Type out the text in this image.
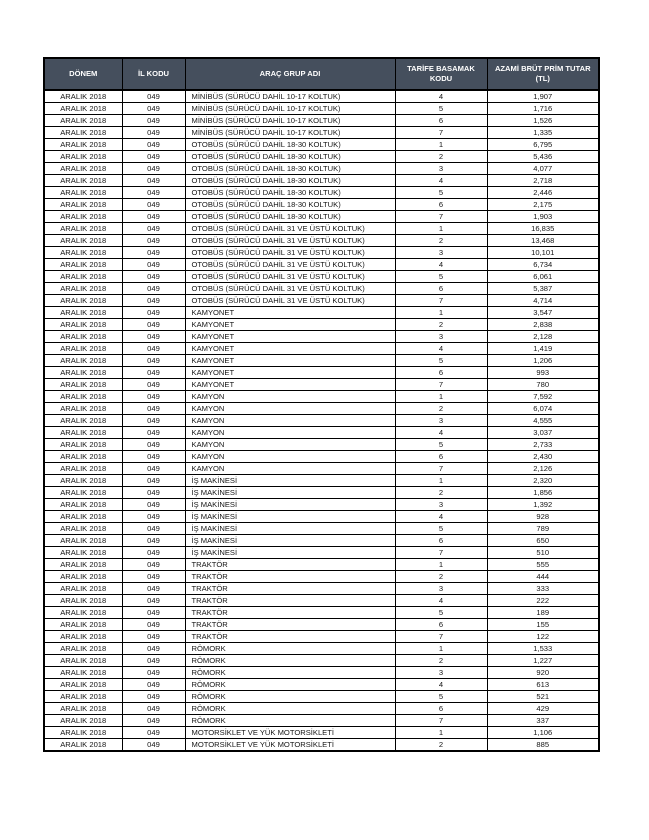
DÖNEM	İL KODU	ARAÇ GRUP ADI	TARİFE BASAMAK KODU	AZAMİ BRÜT PRİM TUTAR (TL)
ARALIK 2018	049	MİNİBÜS (SÜRÜCÜ DAHİL 10-17 KOLTUK)	4	1,907
ARALIK 2018	049	MİNİBÜS (SÜRÜCÜ DAHİL 10-17 KOLTUK)	5	1,716
ARALIK 2018	049	MİNİBÜS (SÜRÜCÜ DAHİL 10-17 KOLTUK)	6	1,526
ARALIK 2018	049	MİNİBÜS (SÜRÜCÜ DAHİL 10-17 KOLTUK)	7	1,335
ARALIK 2018	049	OTOBÜS (SÜRÜCÜ DAHİL 18-30 KOLTUK)	1	6,795
ARALIK 2018	049	OTOBÜS (SÜRÜCÜ DAHİL 18-30 KOLTUK)	2	5,436
ARALIK 2018	049	OTOBÜS (SÜRÜCÜ DAHİL 18-30 KOLTUK)	3	4,077
ARALIK 2018	049	OTOBÜS (SÜRÜCÜ DAHİL 18-30 KOLTUK)	4	2,718
ARALIK 2018	049	OTOBÜS (SÜRÜCÜ DAHİL 18-30 KOLTUK)	5	2,446
ARALIK 2018	049	OTOBÜS (SÜRÜCÜ DAHİL 18-30 KOLTUK)	6	2,175
ARALIK 2018	049	OTOBÜS (SÜRÜCÜ DAHİL 18-30 KOLTUK)	7	1,903
ARALIK 2018	049	OTOBÜS (SÜRÜCÜ DAHİL 31 VE ÜSTÜ KOLTUK)	1	16,835
ARALIK 2018	049	OTOBÜS (SÜRÜCÜ DAHİL 31 VE ÜSTÜ KOLTUK)	2	13,468
ARALIK 2018	049	OTOBÜS (SÜRÜCÜ DAHİL 31 VE ÜSTÜ KOLTUK)	3	10,101
ARALIK 2018	049	OTOBÜS (SÜRÜCÜ DAHİL 31 VE ÜSTÜ KOLTUK)	4	6,734
ARALIK 2018	049	OTOBÜS (SÜRÜCÜ DAHİL 31 VE ÜSTÜ KOLTUK)	5	6,061
ARALIK 2018	049	OTOBÜS (SÜRÜCÜ DAHİL 31 VE ÜSTÜ KOLTUK)	6	5,387
ARALIK 2018	049	OTOBÜS (SÜRÜCÜ DAHİL 31 VE ÜSTÜ KOLTUK)	7	4,714
ARALIK 2018	049	KAMYONET	1	3,547
ARALIK 2018	049	KAMYONET	2	2,838
ARALIK 2018	049	KAMYONET	3	2,128
ARALIK 2018	049	KAMYONET	4	1,419
ARALIK 2018	049	KAMYONET	5	1,206
ARALIK 2018	049	KAMYONET	6	993
ARALIK 2018	049	KAMYONET	7	780
ARALIK 2018	049	KAMYON	1	7,592
ARALIK 2018	049	KAMYON	2	6,074
ARALIK 2018	049	KAMYON	3	4,555
ARALIK 2018	049	KAMYON	4	3,037
ARALIK 2018	049	KAMYON	5	2,733
ARALIK 2018	049	KAMYON	6	2,430
ARALIK 2018	049	KAMYON	7	2,126
ARALIK 2018	049	İŞ MAKİNESİ	1	2,320
ARALIK 2018	049	İŞ MAKİNESİ	2	1,856
ARALIK 2018	049	İŞ MAKİNESİ	3	1,392
ARALIK 2018	049	İŞ MAKİNESİ	4	928
ARALIK 2018	049	İŞ MAKİNESİ	5	789
ARALIK 2018	049	İŞ MAKİNESİ	6	650
ARALIK 2018	049	İŞ MAKİNESİ	7	510
ARALIK 2018	049	TRAKTÖR	1	555
ARALIK 2018	049	TRAKTÖR	2	444
ARALIK 2018	049	TRAKTÖR	3	333
ARALIK 2018	049	TRAKTÖR	4	222
ARALIK 2018	049	TRAKTÖR	5	189
ARALIK 2018	049	TRAKTÖR	6	155
ARALIK 2018	049	TRAKTÖR	7	122
ARALIK 2018	049	RÖMORK	1	1,533
ARALIK 2018	049	RÖMORK	2	1,227
ARALIK 2018	049	RÖMORK	3	920
ARALIK 2018	049	RÖMORK	4	613
ARALIK 2018	049	RÖMORK	5	521
ARALIK 2018	049	RÖMORK	6	429
ARALIK 2018	049	RÖMORK	7	337
ARALIK 2018	049	MOTORSİKLET VE YÜK MOTORSİKLETİ	1	1,106
ARALIK 2018	049	MOTORSİKLET VE YÜK MOTORSİKLETİ	2	885
